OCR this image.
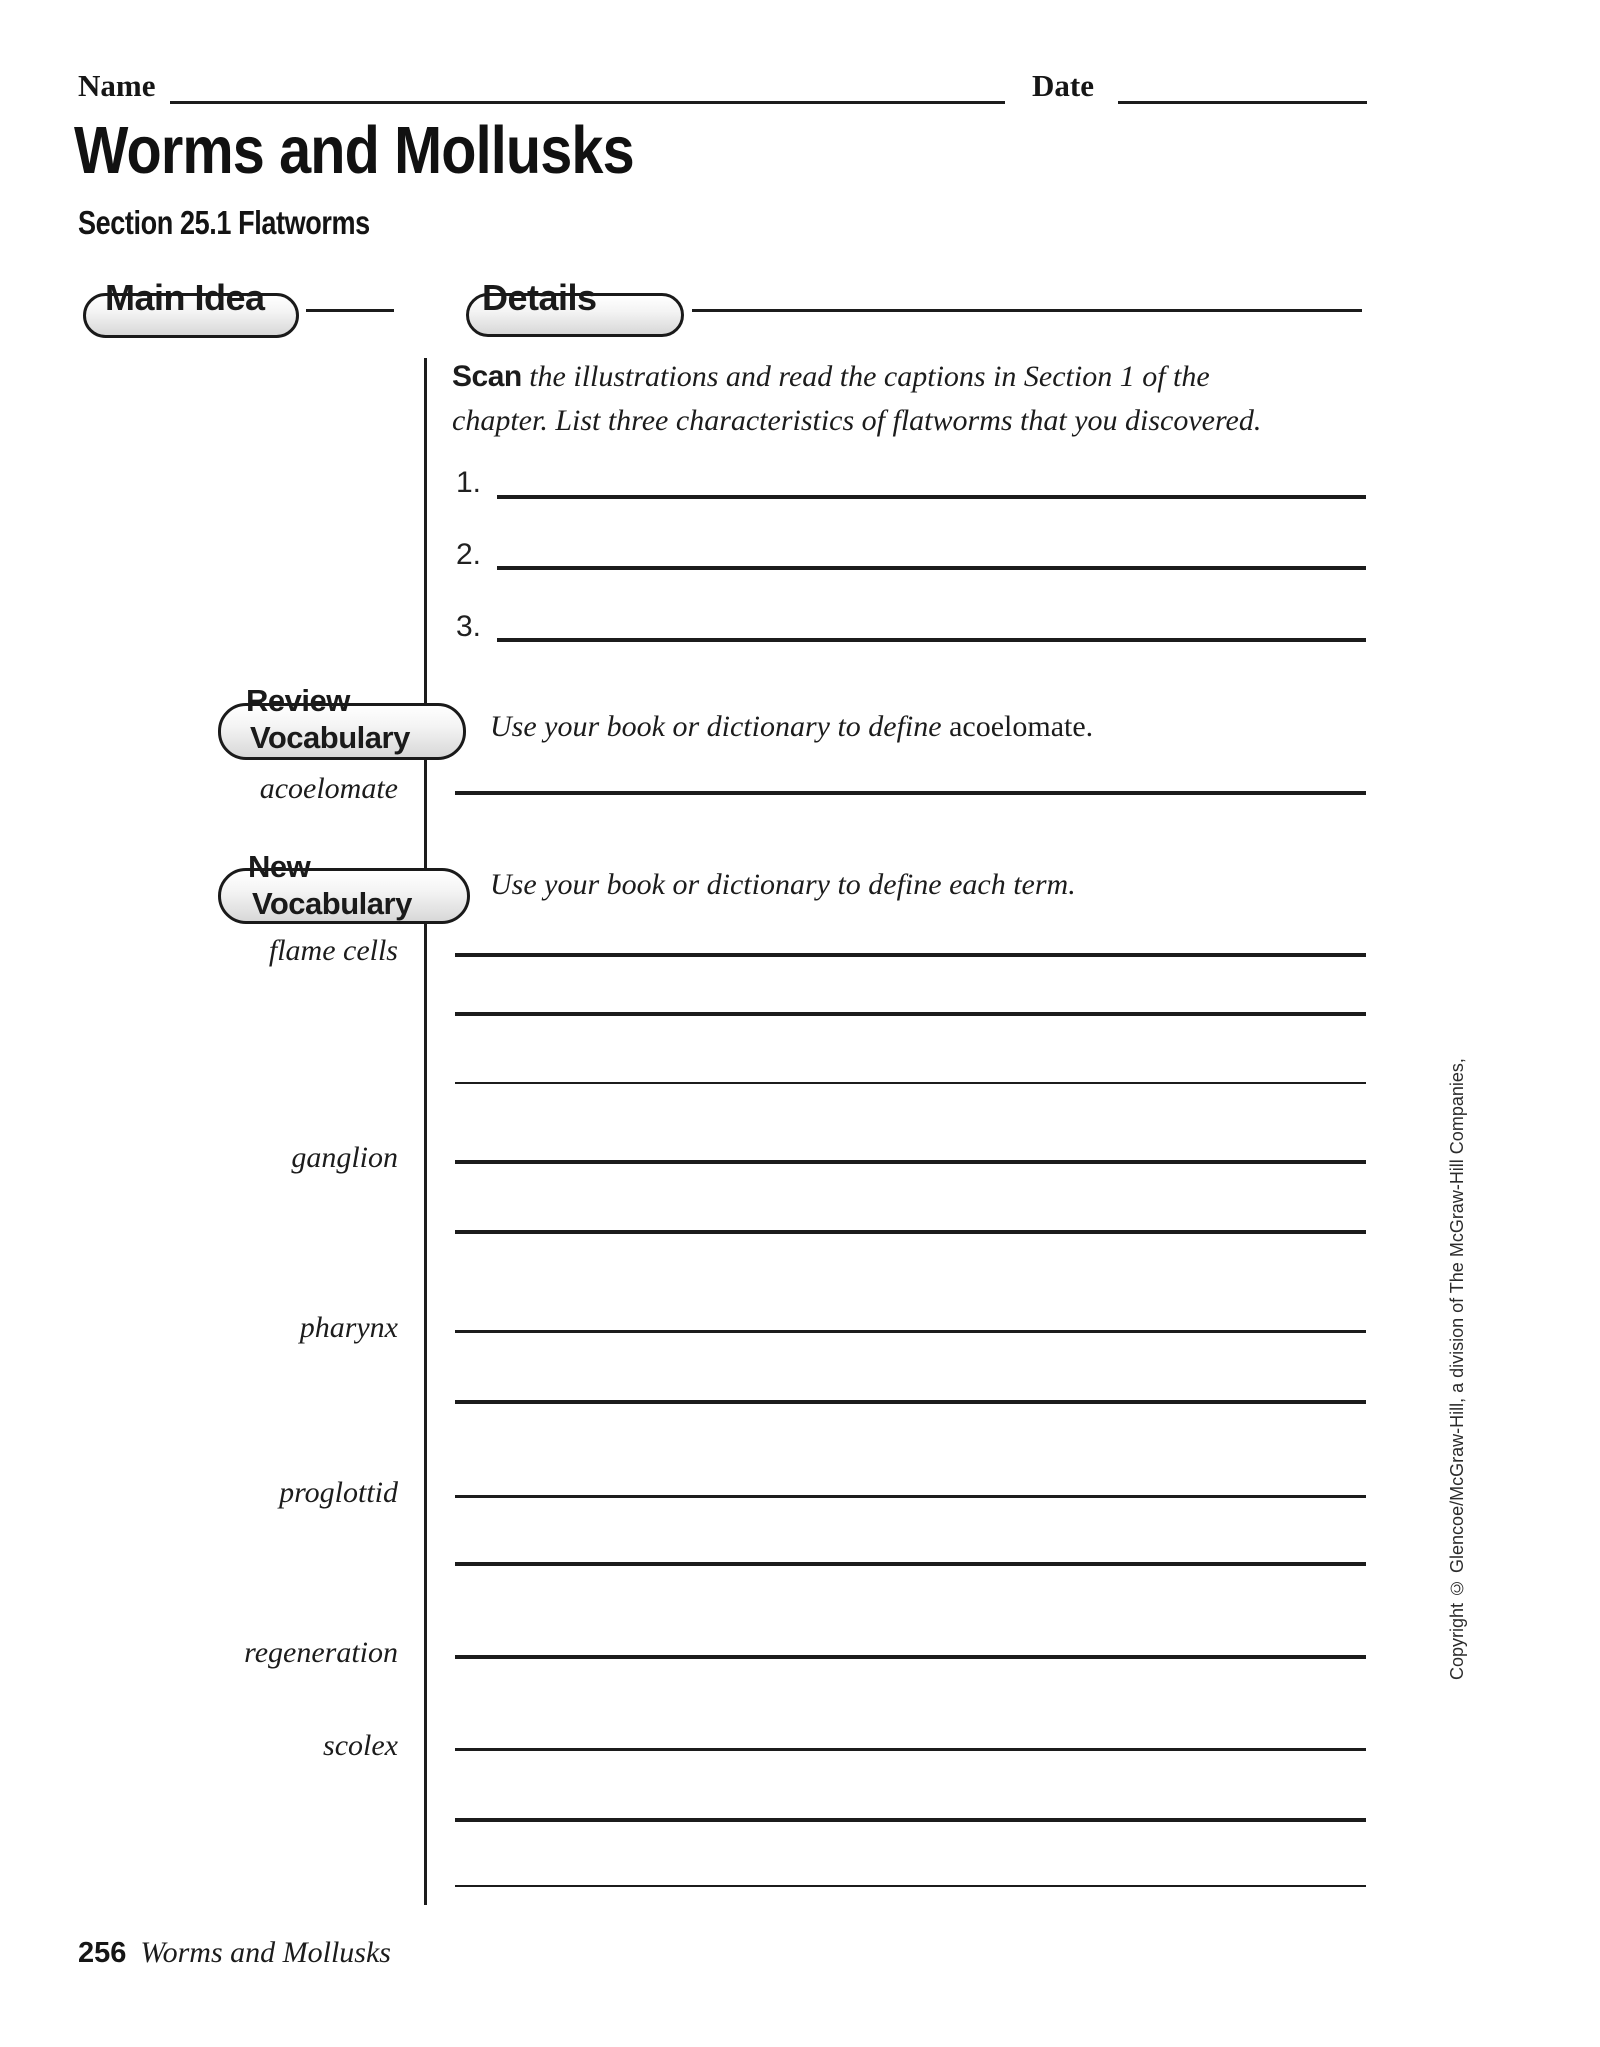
Name	Date
Worms and Mollusks
Section 25.1 Flatworms
Main Idea	Details
Scan the illustrations and read the captions in Section 1 of the
chapter. List three characteristics of flatworms that you discovered.
1.
2.
3.
Review
Vocabulary	Use your book or dictionary to define acoelomate.
acoelomate
New
Vocabulary
Use your book or dictionary to define each term.
flame cells
ganglion
pharynx
proglottid
regeneration
scolex
Copyright © Glencoe/McGraw-Hill, a division of The McGraw-Hill Companies,
256 Worms and Mollusks
